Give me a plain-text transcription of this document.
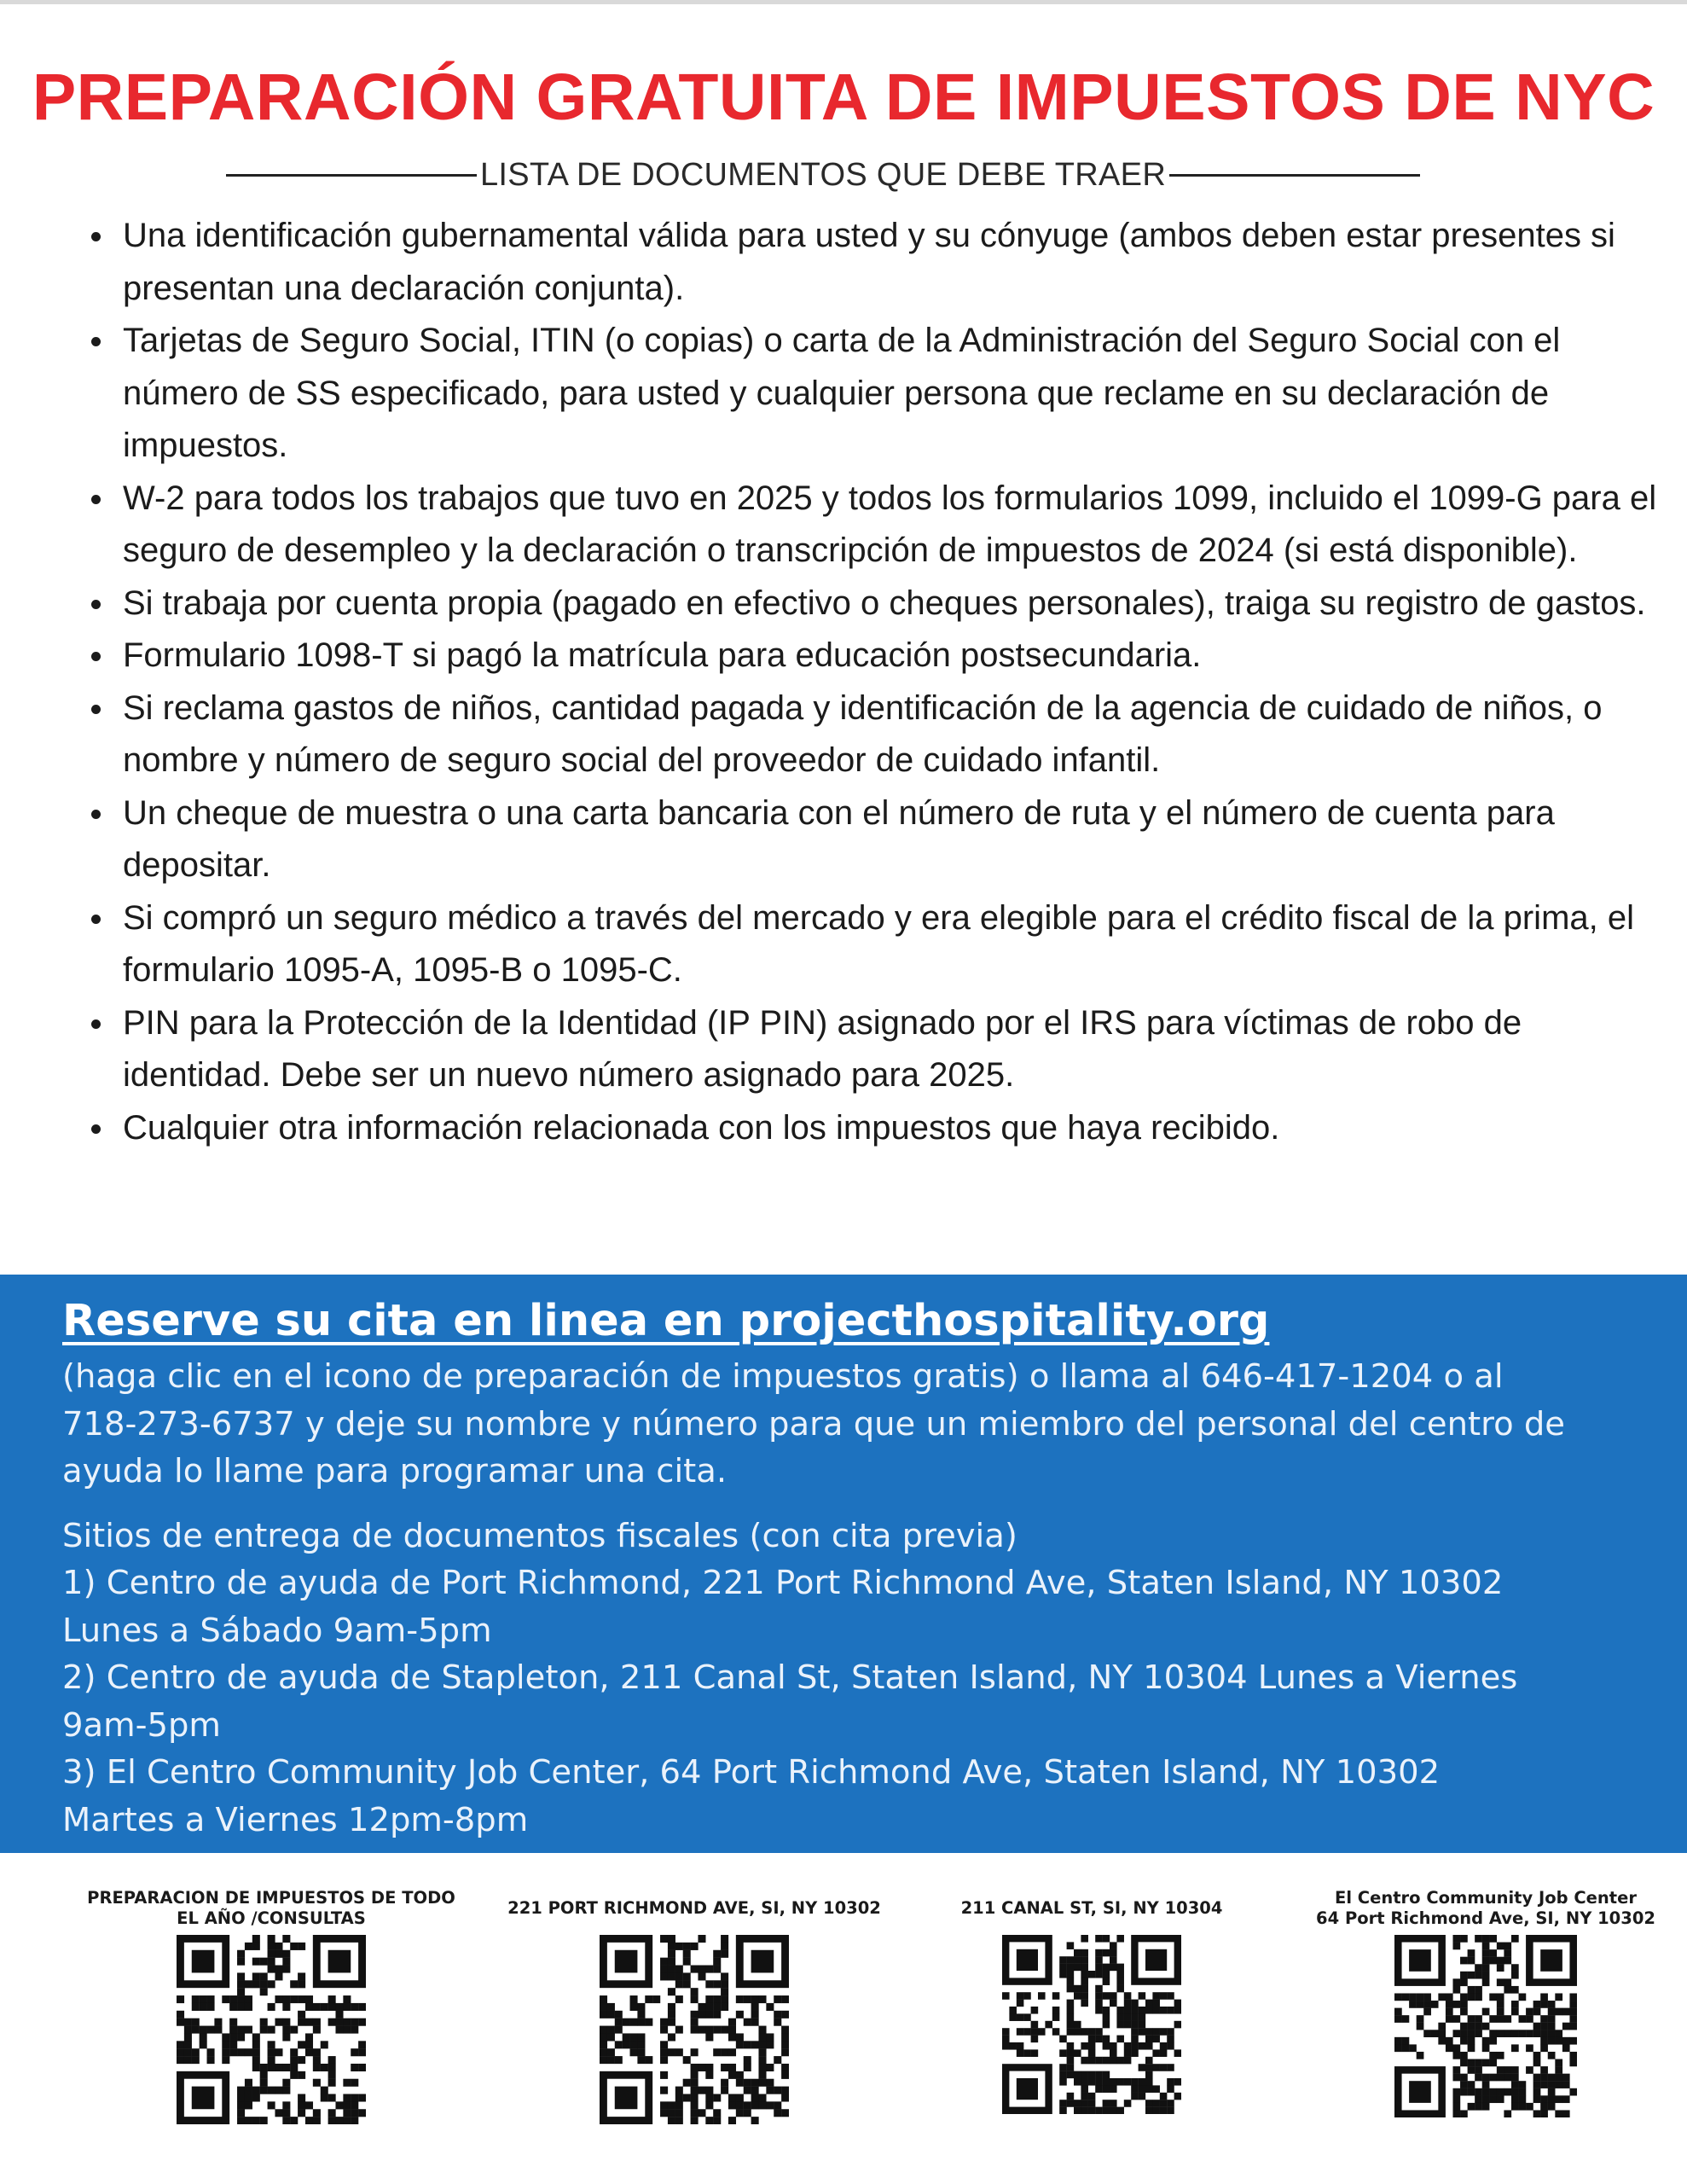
PREPARACIÓN GRATUITA DE IMPUESTOS DE NYC
LISTA DE DOCUMENTOS QUE DEBE TRAER
Una identificación gubernamental válida para usted y su cónyuge (ambos deben estar presentes si presentan una declaración conjunta).
Tarjetas de Seguro Social, ITIN (o copias) o carta de la Administración del Seguro Social con el número de SS especificado, para usted y cualquier persona que reclame en su declaración de impuestos.
W-2 para todos los trabajos que tuvo en 2025 y todos los formularios 1099, incluido el 1099-G para el seguro de desempleo y la declaración o transcripción de impuestos de 2024 (si está disponible).
Si trabaja por cuenta propia (pagado en efectivo o cheques personales), traiga su registro de gastos.
Formulario 1098-T si pagó la matrícula para educación postsecundaria.
Si reclama gastos de niños, cantidad pagada y identificación de la agencia de cuidado de niños, o nombre y número de seguro social del proveedor de cuidado infantil.
Un cheque de muestra o una carta bancaria con el número de ruta y el número de cuenta para depositar.
Si compró un seguro médico a través del mercado y era elegible para el crédito fiscal de la prima, el formulario 1095-A, 1095-B o 1095-C.
PIN para la Protección de la Identidad (IP PIN) asignado por el IRS para víctimas de robo de identidad. Debe ser un nuevo número asignado para 2025.
Cualquier otra información relacionada con los impuestos que haya recibido.
Reserve su cita en linea en projecthospitality.org
(haga clic en el icono de preparación de impuestos gratis) o llama al 646-417-1204 o al
718-273-6737 y deje su nombre y número para que un miembro del personal del centro de
ayuda lo llame para programar una cita.
Sitios de entrega de documentos fiscales (con cita previa)
1) Centro de ayuda de Port Richmond, 221 Port Richmond Ave, Staten Island, NY 10302
Lunes a Sábado 9am-5pm
2) Centro de ayuda de Stapleton, 211 Canal St, Staten Island, NY 10304 Lunes a Viernes
9am-5pm
3) El Centro Community Job Center, 64 Port Richmond Ave, Staten Island, NY 10302
Martes a Viernes 12pm-8pm
PREPARACION DE IMPUESTOS DE TODO
EL AÑO /CONSULTAS
221 PORT RICHMOND AVE, SI, NY 10302	211 CANAL ST, SI, NY 10304
El Centro Community Job Center
64 Port Richmond Ave, SI, NY 10302
